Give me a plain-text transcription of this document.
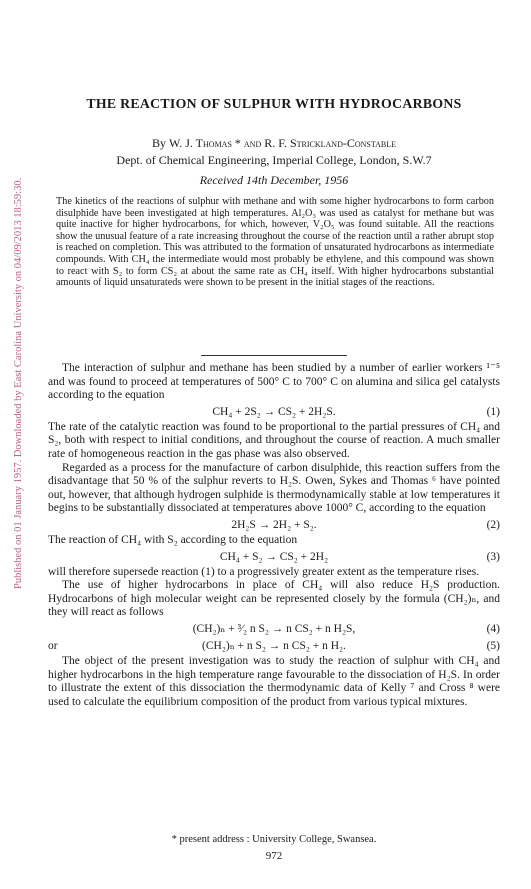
Published on 01 January 1957. Downloaded by East Carolina University on 04/09/2013 18:59:30.
THE REACTION OF SULPHUR WITH HYDROCARBONS
By W. J. Thomas * and R. F. Strickland-Constable
Dept. of Chemical Engineering, Imperial College, London, S.W.7
Received 14th December, 1956
The kinetics of the reactions of sulphur with methane and with some higher hydrocarbons to form carbon disulphide have been investigated at high temperatures. Al₂O₃ was used as catalyst for methane but was quite inactive for higher hydrocarbons, for which, however, V₂O₅ was found suitable. All the reactions show the unusual feature of a rate increasing throughout the course of the reaction until a rather abrupt stop is reached on completion. This was attributed to the formation of unsaturated hydrocarbons as intermediate compounds. With CH₄ the intermediate would most probably be ethylene, and this compound was shown to react with S₂ to form CS₂ at about the same rate as CH₄ itself. With higher hydrocarbons substantial amounts of liquid unsaturateds were shown to be present in the initial stages of the reactions.

The interaction of sulphur and methane has been studied by a number of earlier workers ¹⁻⁵ and was found to proceed at temperatures of 500° C to 700° C on alumina and silica gel catalysts according to the equation

CH₄ + 2S₂ → CS₂ + 2H₂S.	(1)

The rate of the catalytic reaction was found to be proportional to the partial pressures of CH₄ and S₂, both with respect to initial conditions, and throughout the course of reaction. A much smaller rate of homogeneous reaction in the gas phase was also observed.

Regarded as a process for the manufacture of carbon disulphide, this reaction suffers from the disadvantage that 50 % of the sulphur reverts to H₂S. Owen, Sykes and Thomas ⁶ have pointed out, however, that although hydrogen sulphide is thermodynamically stable at low temperatures it begins to be substantially dissociated at temperatures above 1000° C, according to the equation

2H₂S → 2H₂ + S₂.	(2)

The reaction of CH₄ with S₂ according to the equation

CH₄ + S₂ → CS₂ + 2H₂	(3)

will therefore supersede reaction (1) to a progressively greater extent as the temperature rises.

The use of higher hydrocarbons in place of CH₄ will also reduce H₂S production. Hydrocarbons of high molecular weight can be represented closely by the formula (CH₂)ₙ, and they will react as follows

(CH₂)ₙ + ³⁄₂ n S₂ → n CS₂ + n H₂S,	(4)
or	(CH₂)ₙ + n S₂ → n CS₂ + n H₂.	(5)

The object of the present investigation was to study the reaction of sulphur with CH₄ and higher hydrocarbons in the high temperature range favourable to the dissociation of H₂S. In order to illustrate the extent of this dissociation the thermodynamic data of Kelly ⁷ and Cross ⁸ were used to calculate the equilibrium composition of the product from various typical mixtures.

* present address : University College, Swansea.
972
